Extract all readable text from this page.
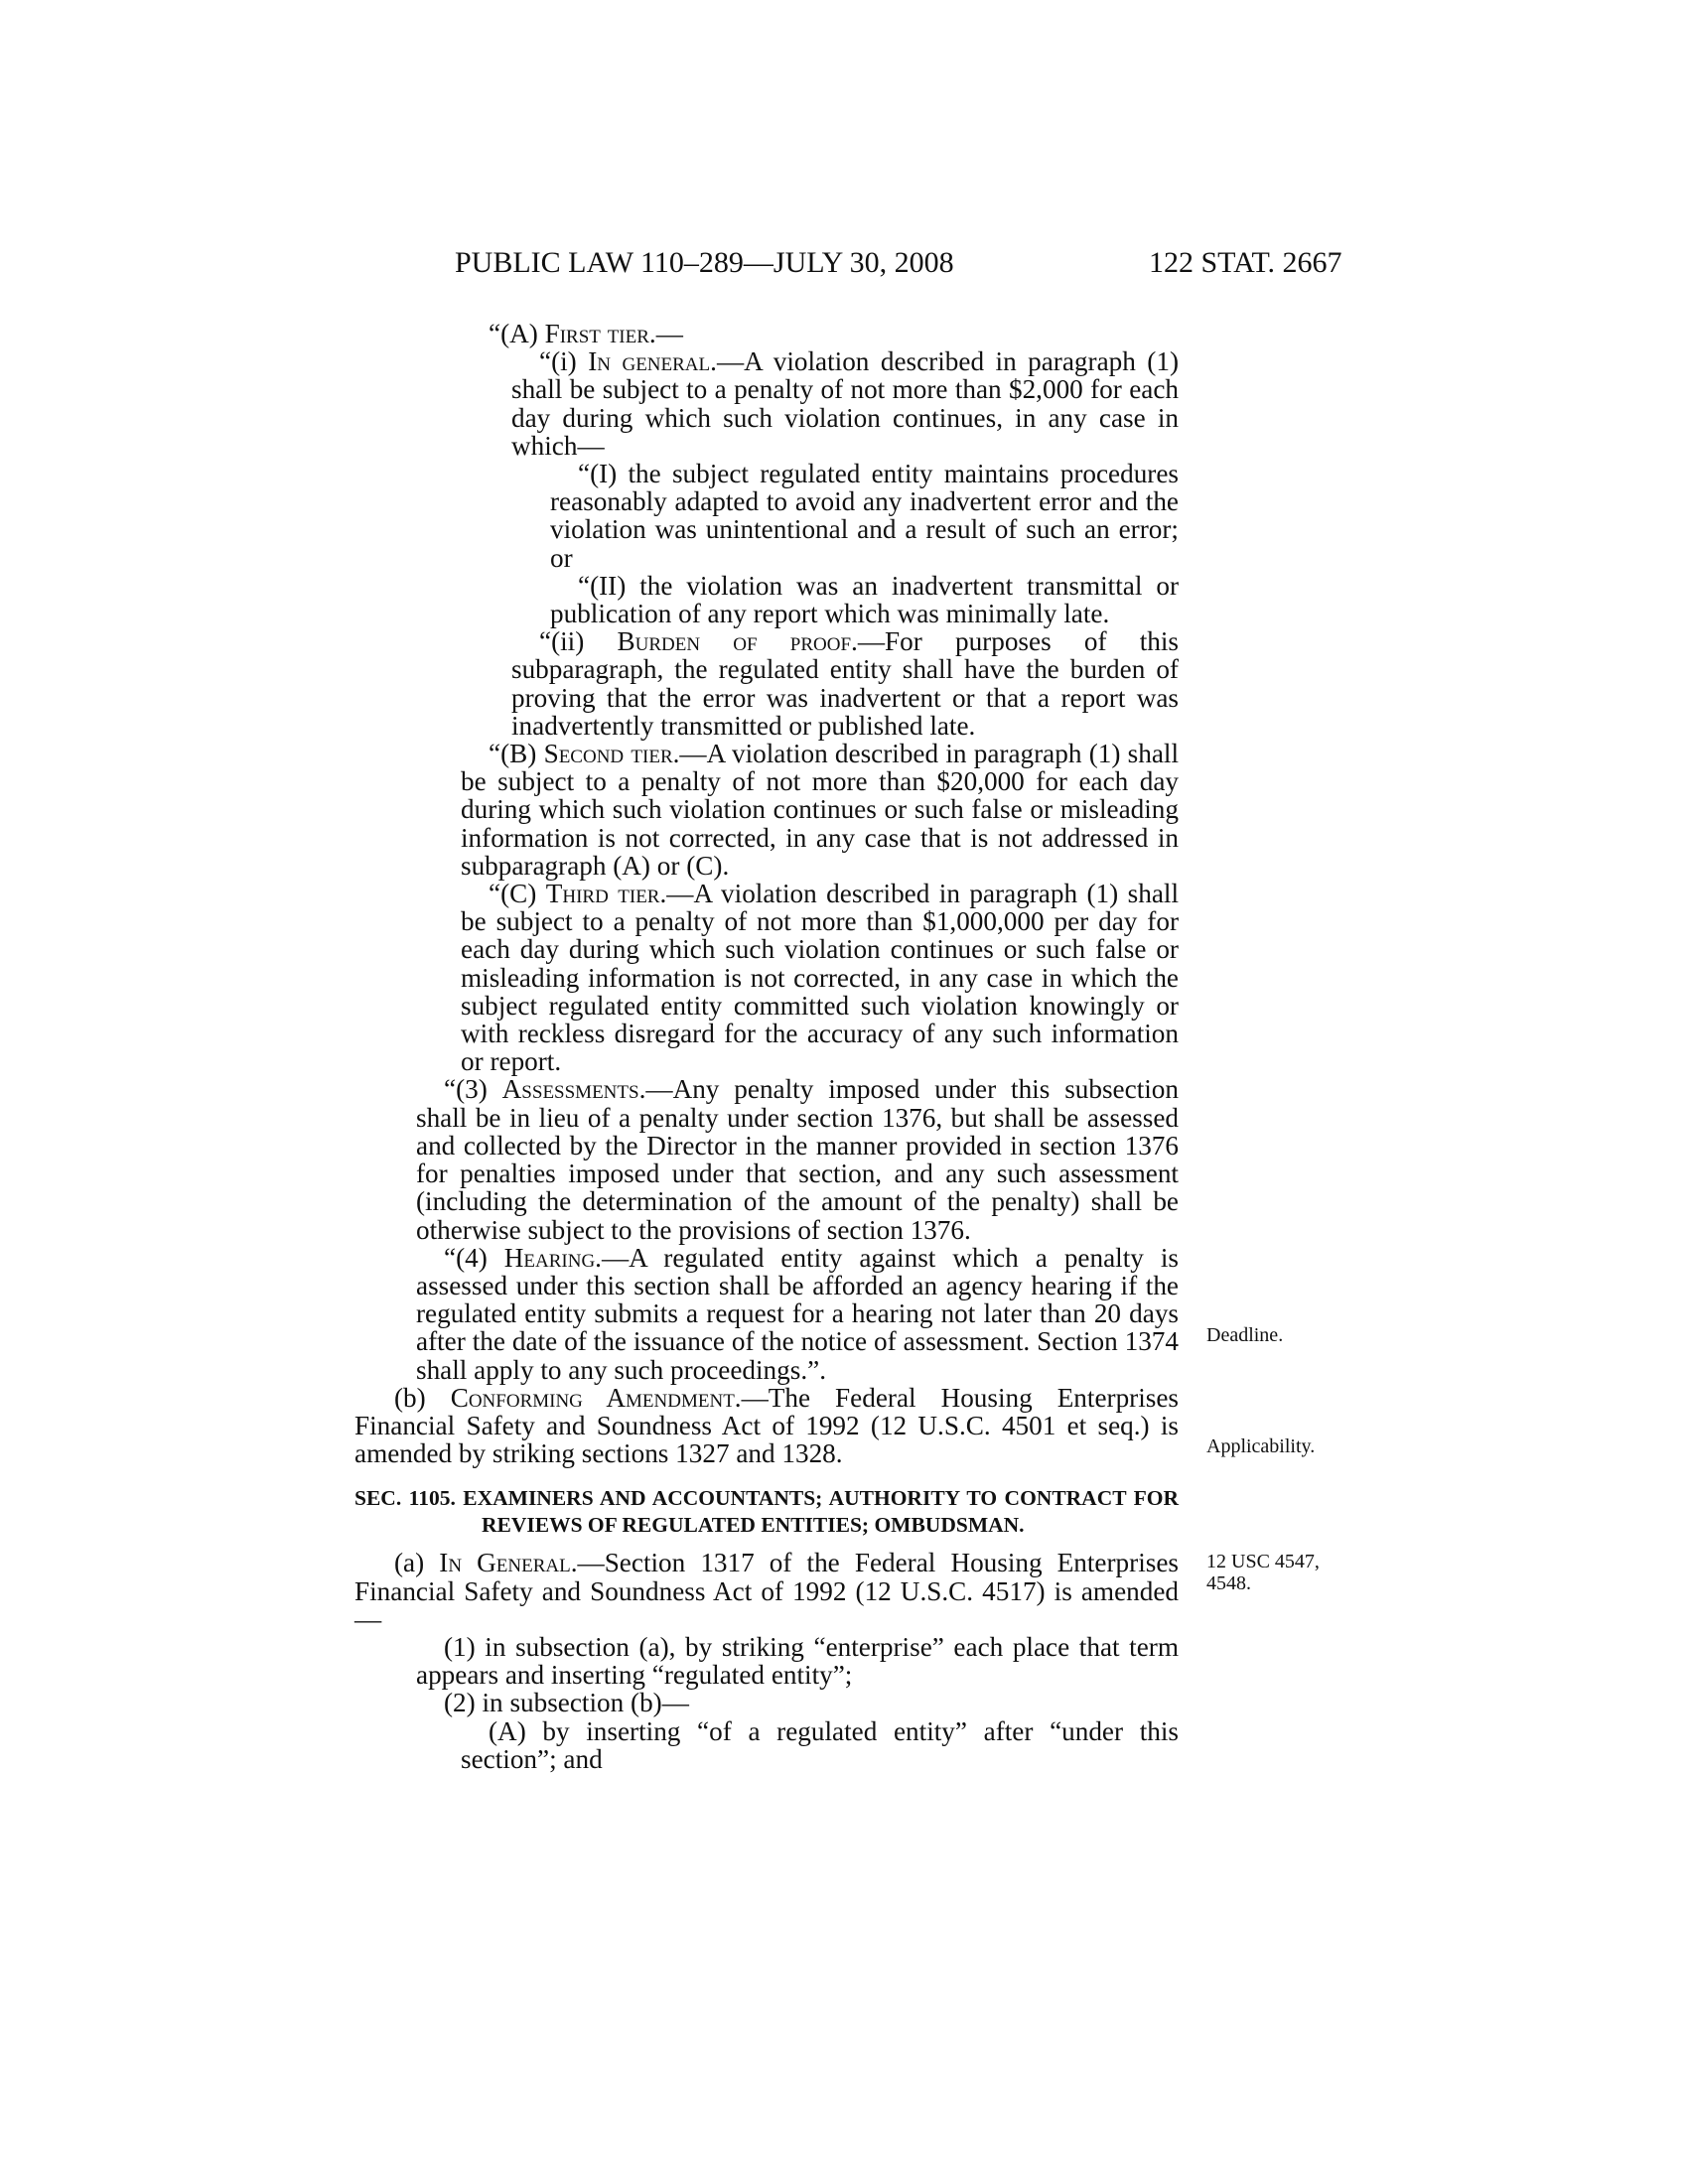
PUBLIC LAW 110–289—JULY 30, 2008	122 STAT. 2667

“(A) First tier.—

“(i) In general.—A violation described in paragraph (1) shall be subject to a penalty of not more than $2,000 for each day during which such violation continues, in any case in which—

“(I) the subject regulated entity maintains procedures reasonably adapted to avoid any inadvertent error and the violation was unintentional and a result of such an error; or

“(II) the violation was an inadvertent transmittal or publication of any report which was minimally late.

“(ii) Burden of proof.—For purposes of this subparagraph, the regulated entity shall have the burden of proving that the error was inadvertent or that a report was inadvertently transmitted or published late.

“(B) Second tier.—A violation described in paragraph (1) shall be subject to a penalty of not more than $20,000 for each day during which such violation continues or such false or misleading information is not corrected, in any case that is not addressed in subparagraph (A) or (C).

“(C) Third tier.—A violation described in paragraph (1) shall be subject to a penalty of not more than $1,000,000 per day for each day during which such violation continues or such false or misleading information is not corrected, in any case in which the subject regulated entity committed such violation knowingly or with reckless disregard for the accuracy of any such information or report.

“(3) Assessments.—Any penalty imposed under this subsection shall be in lieu of a penalty under section 1376, but shall be assessed and collected by the Director in the manner provided in section 1376 for penalties imposed under that section, and any such assessment (including the determination of the amount of the penalty) shall be otherwise subject to the provisions of section 1376.

“(4) Hearing.—A regulated entity against which a penalty is assessed under this section shall be afforded an agency hearing if the regulated entity submits a request for a hearing not later than 20 days after the date of the issuance of the notice of assessment. Section 1374 shall apply to any such proceedings.”.

(b) Conforming Amendment.—The Federal Housing Enterprises Financial Safety and Soundness Act of 1992 (12 U.S.C. 4501 et seq.) is amended by striking sections 1327 and 1328.

SEC. 1105. EXAMINERS AND ACCOUNTANTS; AUTHORITY TO CONTRACT FOR REVIEWS OF REGULATED ENTITIES; OMBUDSMAN.

(a) In General.—Section 1317 of the Federal Housing Enterprises Financial Safety and Soundness Act of 1992 (12 U.S.C. 4517) is amended—

(1) in subsection (a), by striking “enterprise” each place that term appears and inserting “regulated entity”;

(2) in subsection (b)—

(A) by inserting “of a regulated entity” after “under this section”; and

Deadline.
Applicability.
12 USC 4547,
4548.
